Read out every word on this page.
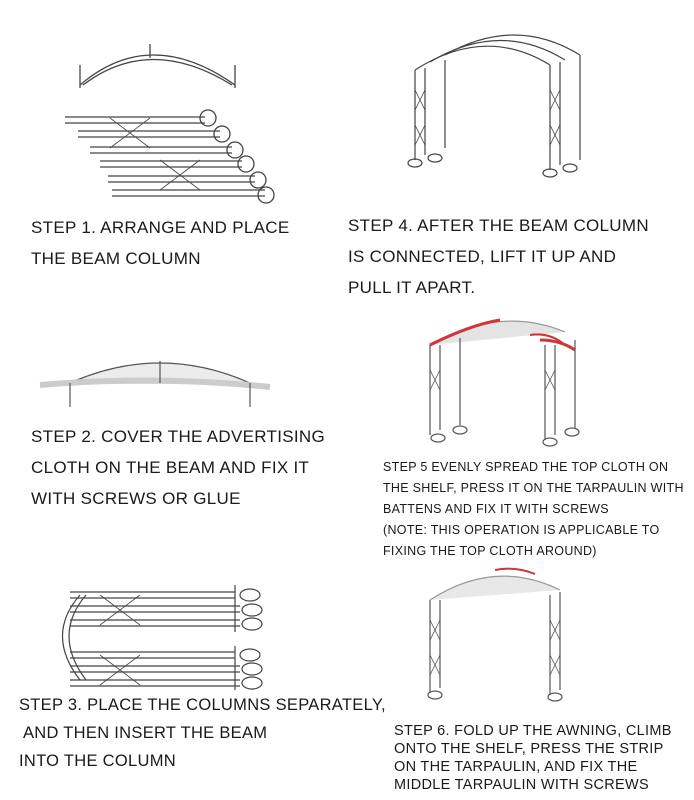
STEP 1. ARRANGE AND PLACE
THE BEAM COLUMN

STEP 4. AFTER THE BEAM COLUMN
IS CONNECTED, LIFT IT UP AND
PULL IT APART.

STEP 2. COVER THE ADVERTISING
CLOTH ON THE BEAM AND FIX IT
WITH SCREWS OR GLUE

STEP 5 EVENLY SPREAD THE TOP CLOTH ON
THE SHELF, PRESS IT ON THE TARPAULIN WITH
BATTENS AND FIX IT WITH SCREWS
(NOTE: THIS OPERATION IS APPLICABLE TO
FIXING THE TOP CLOTH AROUND)

STEP 3. PLACE THE COLUMNS SEPARATELY,
AND THEN INSERT THE BEAM
INTO THE COLUMN

STEP 6. FOLD UP THE AWNING, CLIMB
ONTO THE SHELF, PRESS THE STRIP
ON THE TARPAULIN, AND FIX THE
MIDDLE TARPAULIN WITH SCREWS
